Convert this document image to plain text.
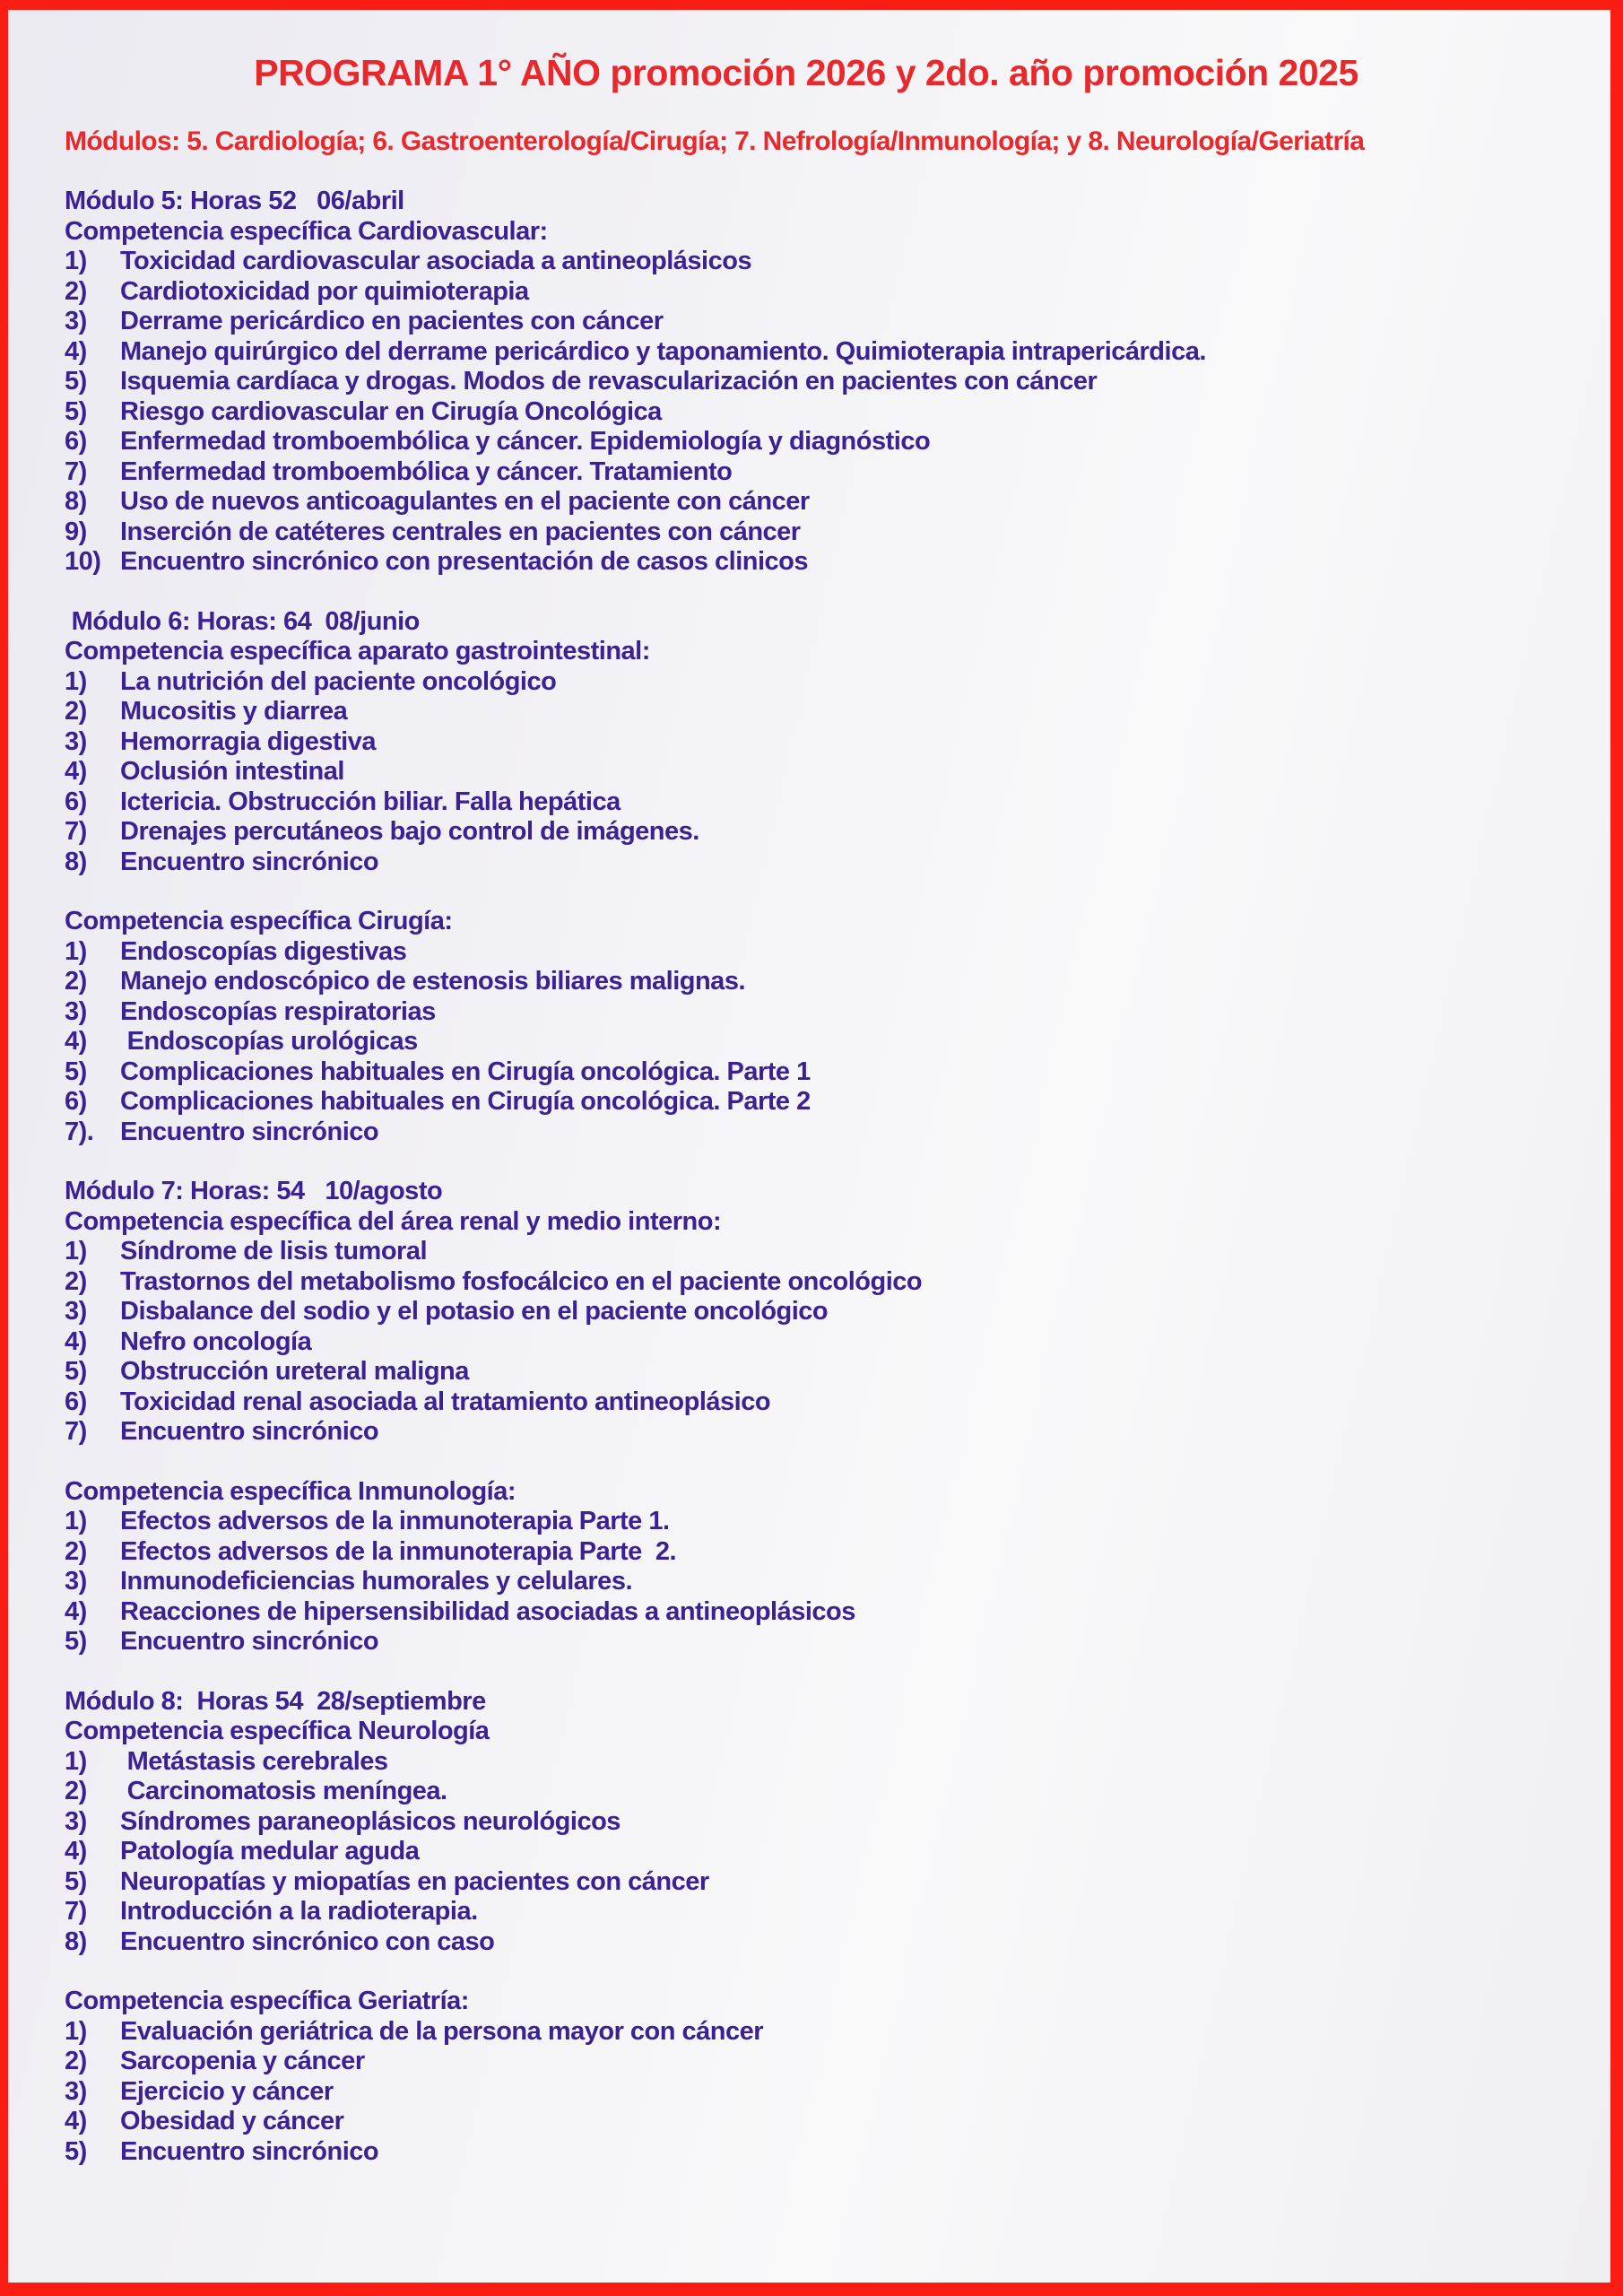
PROGRAMA 1° AÑO promoción 2026 y 2do. año promoción 2025
Módulos: 5. Cardiología; 6. Gastroenterología/Cirugía; 7. Nefrología/Inmunología; y 8. Neurología/Geriatría
Módulo 5: Horas 52   06/abril
Competencia específica Cardiovascular:
1)	Toxicidad cardiovascular asociada a antineoplásicos
2)	Cardiotoxicidad por quimioterapia
3)	Derrame pericárdico en pacientes con cáncer
4)	Manejo quirúrgico del derrame pericárdico y taponamiento. Quimioterapia intrapericárdica.
5)	Isquemia cardíaca y drogas. Modos de revascularización en pacientes con cáncer
5)	Riesgo cardiovascular en Cirugía Oncológica
6)	Enfermedad tromboembólica y cáncer. Epidemiología y diagnóstico
7)	Enfermedad tromboembólica y cáncer. Tratamiento
8)	Uso de nuevos anticoagulantes en el paciente con cáncer
9)	Inserción de catéteres centrales en pacientes con cáncer
10) Encuentro sincrónico con presentación de casos clinicos
Módulo 6: Horas: 64  08/junio
Competencia específica aparato gastrointestinal:
1)	La nutrición del paciente oncológico
2)	Mucositis y diarrea
3)	Hemorragia digestiva
4)	Oclusión intestinal
6)	Ictericia. Obstrucción biliar. Falla hepática
7)	Drenajes percutáneos bajo control de imágenes.
8)	Encuentro sincrónico
Competencia específica Cirugía:
1)	Endoscopías digestivas
2)	Manejo endoscópico de estenosis biliares malignas.
3)	Endoscopías respiratorias
4)	Endoscopías urológicas
5)	Complicaciones habituales en Cirugía oncológica. Parte 1
6)	Complicaciones habituales en Cirugía oncológica. Parte 2
7).	Encuentro sincrónico
Módulo 7: Horas: 54   10/agosto
Competencia específica del área renal y medio interno:
1)	Síndrome de lisis tumoral
2)	Trastornos del metabolismo fosfocálcico en el paciente oncológico
3)	Disbalance del sodio y el potasio en el paciente oncológico
4)	Nefro oncología
5)	Obstrucción ureteral maligna
6)	Toxicidad renal asociada al tratamiento antineoplásico
7)	Encuentro sincrónico
Competencia específica Inmunología:
1)	Efectos adversos de la inmunoterapia Parte 1.
2)	Efectos adversos de la inmunoterapia Parte  2.
3)	Inmunodeficiencias humorales y celulares.
4)	Reacciones de hipersensibilidad asociadas a antineoplásicos
5)	Encuentro sincrónico
Módulo 8:  Horas 54  28/septiembre
Competencia específica Neurología
1)	Metástasis cerebrales
2)	Carcinomatosis meníngea.
3)	Síndromes paraneoplásicos neurológicos
4)	Patología medular aguda
5)	Neuropatías y miopatías en pacientes con cáncer
7)	Introducción a la radioterapia.
8)	Encuentro sincrónico con caso
Competencia específica Geriatría:
1)	Evaluación geriátrica de la persona mayor con cáncer
2)	Sarcopenia y cáncer
3)	Ejercicio y cáncer
4)	Obesidad y cáncer
5)	Encuentro sincrónico
